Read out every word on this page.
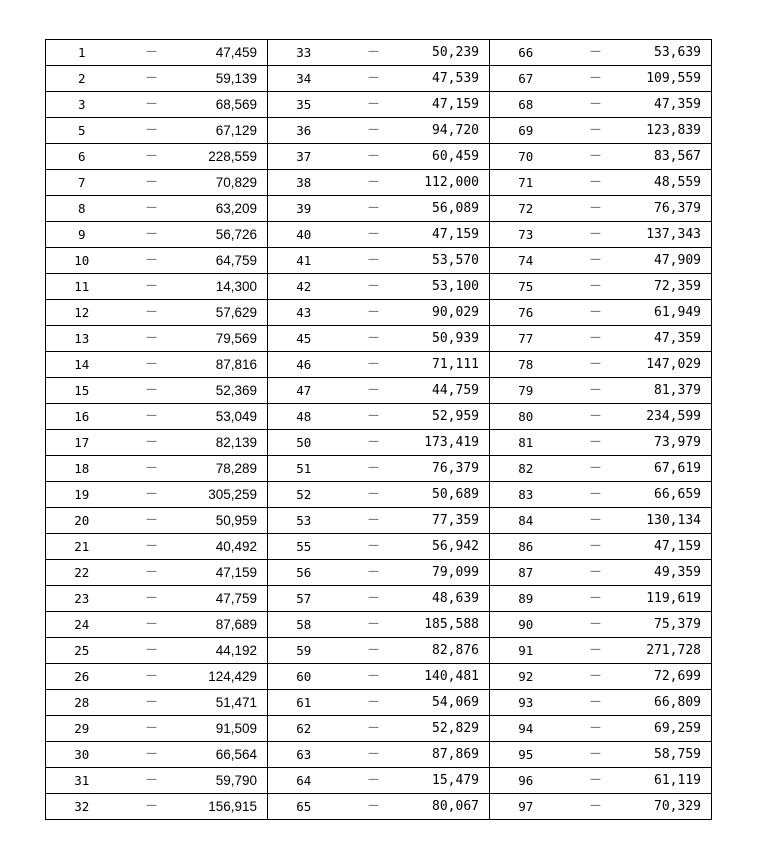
1	－	47,459	33	－	50,239	66	－	53,639
2	－	59,139	34	－	47,539	67	－	109,559
3	－	68,569	35	－	47,159	68	－	47,359
5	－	67,129	36	－	94,720	69	－	123,839
6	－	228,559	37	－	60,459	70	－	83,567
7	－	70,829	38	－	112,000	71	－	48,559
8	－	63,209	39	－	56,089	72	－	76,379
9	－	56,726	40	－	47,159	73	－	137,343
10	－	64,759	41	－	53,570	74	－	47,909
11	－	14,300	42	－	53,100	75	－	72,359
12	－	57,629	43	－	90,029	76	－	61,949
13	－	79,569	45	－	50,939	77	－	47,359
14	－	87,816	46	－	71,111	78	－	147,029
15	－	52,369	47	－	44,759	79	－	81,379
16	－	53,049	48	－	52,959	80	－	234,599
17	－	82,139	50	－	173,419	81	－	73,979
18	－	78,289	51	－	76,379	82	－	67,619
19	－	305,259	52	－	50,689	83	－	66,659
20	－	50,959	53	－	77,359	84	－	130,134
21	－	40,492	55	－	56,942	86	－	47,159
22	－	47,159	56	－	79,099	87	－	49,359
23	－	47,759	57	－	48,639	89	－	119,619
24	－	87,689	58	－	185,588	90	－	75,379
25	－	44,192	59	－	82,876	91	－	271,728
26	－	124,429	60	－	140,481	92	－	72,699
28	－	51,471	61	－	54,069	93	－	66,809
29	－	91,509	62	－	52,829	94	－	69,259
30	－	66,564	63	－	87,869	95	－	58,759
31	－	59,790	64	－	15,479	96	－	61,119
32	－	156,915	65	－	80,067	97	－	70,329
